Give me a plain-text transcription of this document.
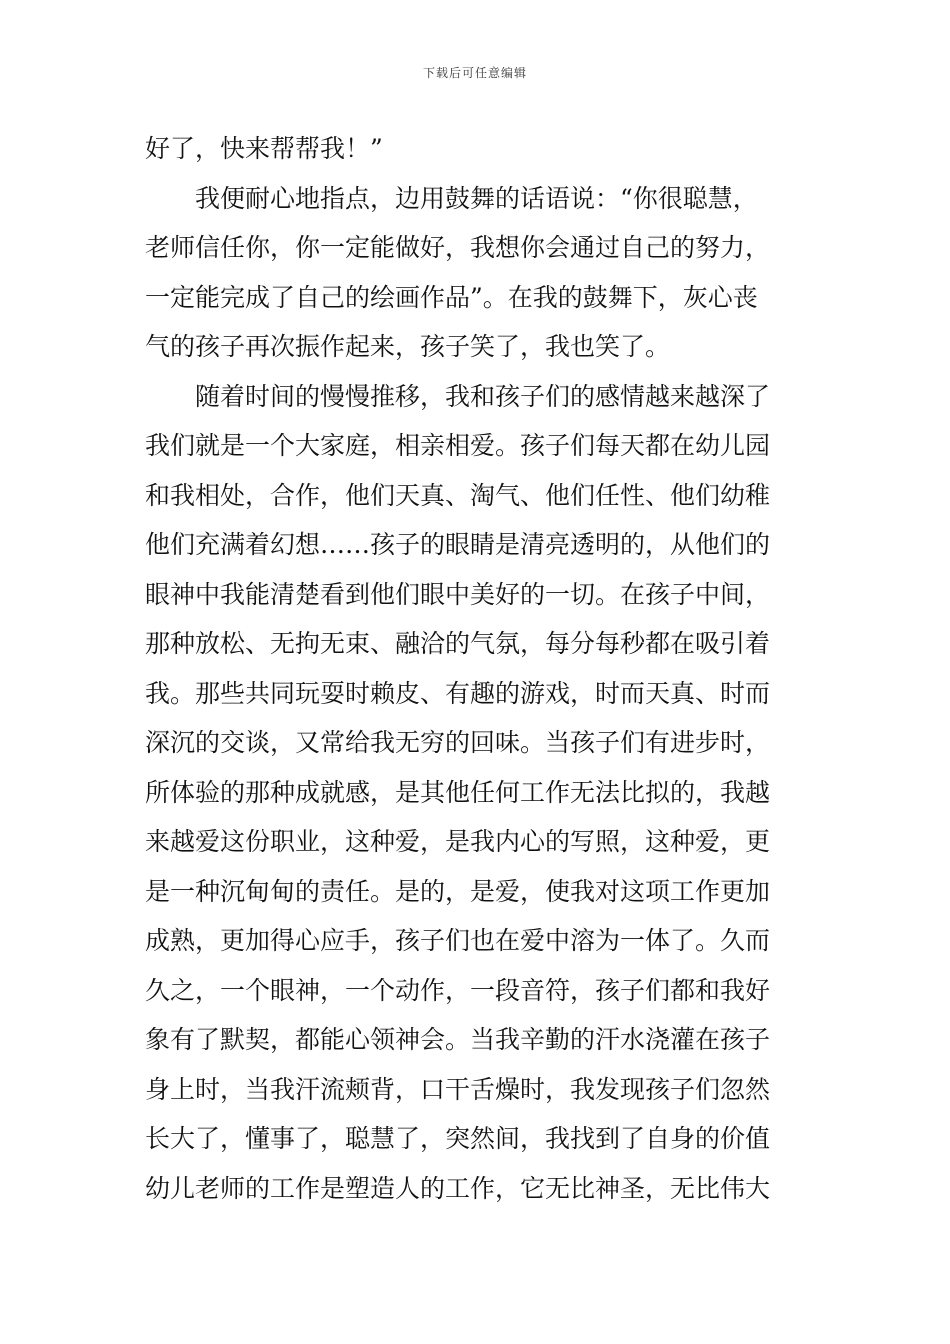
下载后可任意编辑
好了，快来帮帮我！”
我便耐心地指点，边用鼓舞的话语说：“你很聪慧，
老师信任你，你一定能做好，我想你会通过自己的努力，
一定能完成了自己的绘画作品”。在我的鼓舞下，灰心丧
气的孩子再次振作起来，孩子笑了，我也笑了。
随着时间的慢慢推移，我和孩子们的感情越来越深了
我们就是一个大家庭，相亲相爱。孩子们每天都在幼儿园
和我相处，合作，他们天真、淘气、他们任性、他们幼稚
他们充满着幻想……孩子的眼睛是清亮透明的，从他们的
眼神中我能清楚看到他们眼中美好的一切。在孩子中间，
那种放松、无拘无束、融洽的气氛，每分每秒都在吸引着
我。那些共同玩耍时赖皮、有趣的游戏，时而天真、时而
深沉的交谈，又常给我无穷的回味。当孩子们有进步时，
所体验的那种成就感，是其他任何工作无法比拟的，我越
来越爱这份职业，这种爱，是我内心的写照，这种爱，更
是一种沉甸甸的责任。是的，是爱，使我对这项工作更加
成熟，更加得心应手，孩子们也在爱中溶为一体了。久而
久之，一个眼神，一个动作，一段音符，孩子们都和我好
象有了默契，都能心领神会。当我辛勤的汗水浇灌在孩子
身上时，当我汗流颊背，口干舌燥时，我发现孩子们忽然
长大了，懂事了，聪慧了，突然间，我找到了自身的价值
幼儿老师的工作是塑造人的工作，它无比神圣，无比伟大
